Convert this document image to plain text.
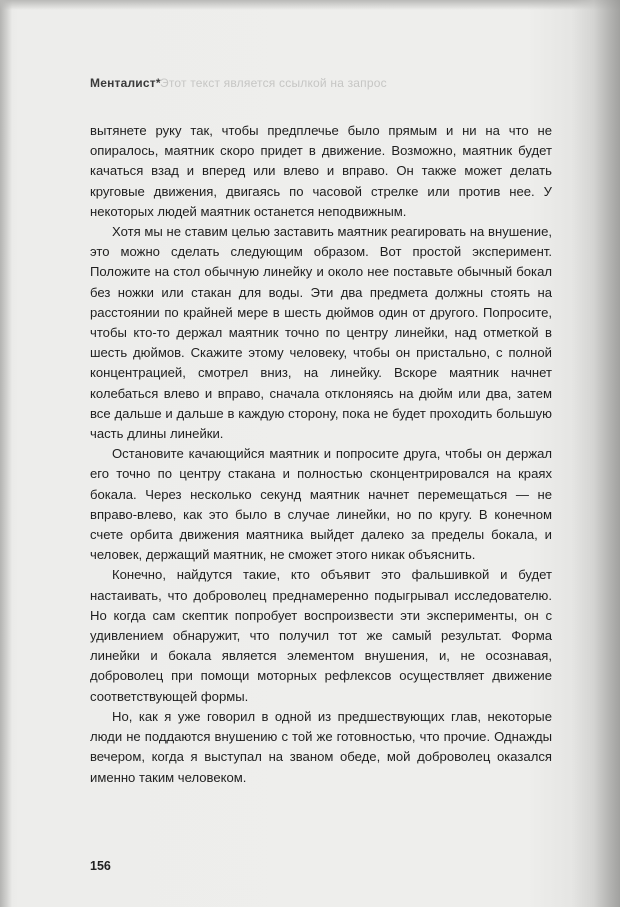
Менталист* Этот текст является ссылкой на запрос

вытянете руку так, чтобы предплечье было прямым и ни на что не опиралось, маятник скоро придет в движение. Возможно, маятник будет качаться взад и вперед или влево и вправо. Он также может делать круговые движения, двигаясь по часовой стрелке или против нее. У некоторых людей маятник останется неподвижным.

Хотя мы не ставим целью заставить маятник реагировать на внушение, это можно сделать следующим образом. Вот простой эксперимент. Положите на стол обычную линейку и около нее поставьте обычный бокал без ножки или стакан для воды. Эти два предмета должны стоять на расстоянии по крайней мере в шесть дюймов один от другого. Попросите, чтобы кто-то держал маятник точно по центру линейки, над отметкой в шесть дюймов. Скажите этому человеку, чтобы он пристально, с полной концентрацией, смотрел вниз, на линейку. Вскоре маятник начнет колебаться влево и вправо, сначала отклоняясь на дюйм или два, затем все дальше и дальше в каждую сторону, пока не будет проходить большую часть длины линейки.

Остановите качающийся маятник и попросите друга, чтобы он держал его точно по центру стакана и полностью сконцентрировался на краях бокала. Через несколько секунд маятник начнет перемещаться — не вправо-влево, как это было в случае линейки, но по кругу. В конечном счете орбита движения маятника выйдет далеко за пределы бокала, и человек, держащий маятник, не сможет этого никак объяснить.

Конечно, найдутся такие, кто объявит это фальшивкой и будет настаивать, что доброволец преднамеренно подыгрывал исследователю. Но когда сам скептик попробует воспроизвести эти эксперименты, он с удивлением обнаружит, что получил тот же самый результат. Форма линейки и бокала является элементом внушения, и, не осознавая, доброволец при помощи моторных рефлексов осуществляет движение соответствующей формы.

Но, как я уже говорил в одной из предшествующих глав, некоторые люди не поддаются внушению с той же готовностью, что прочие. Однажды вечером, когда я выступал на званом обеде, мой доброволец оказался именно таким человеком.

156
